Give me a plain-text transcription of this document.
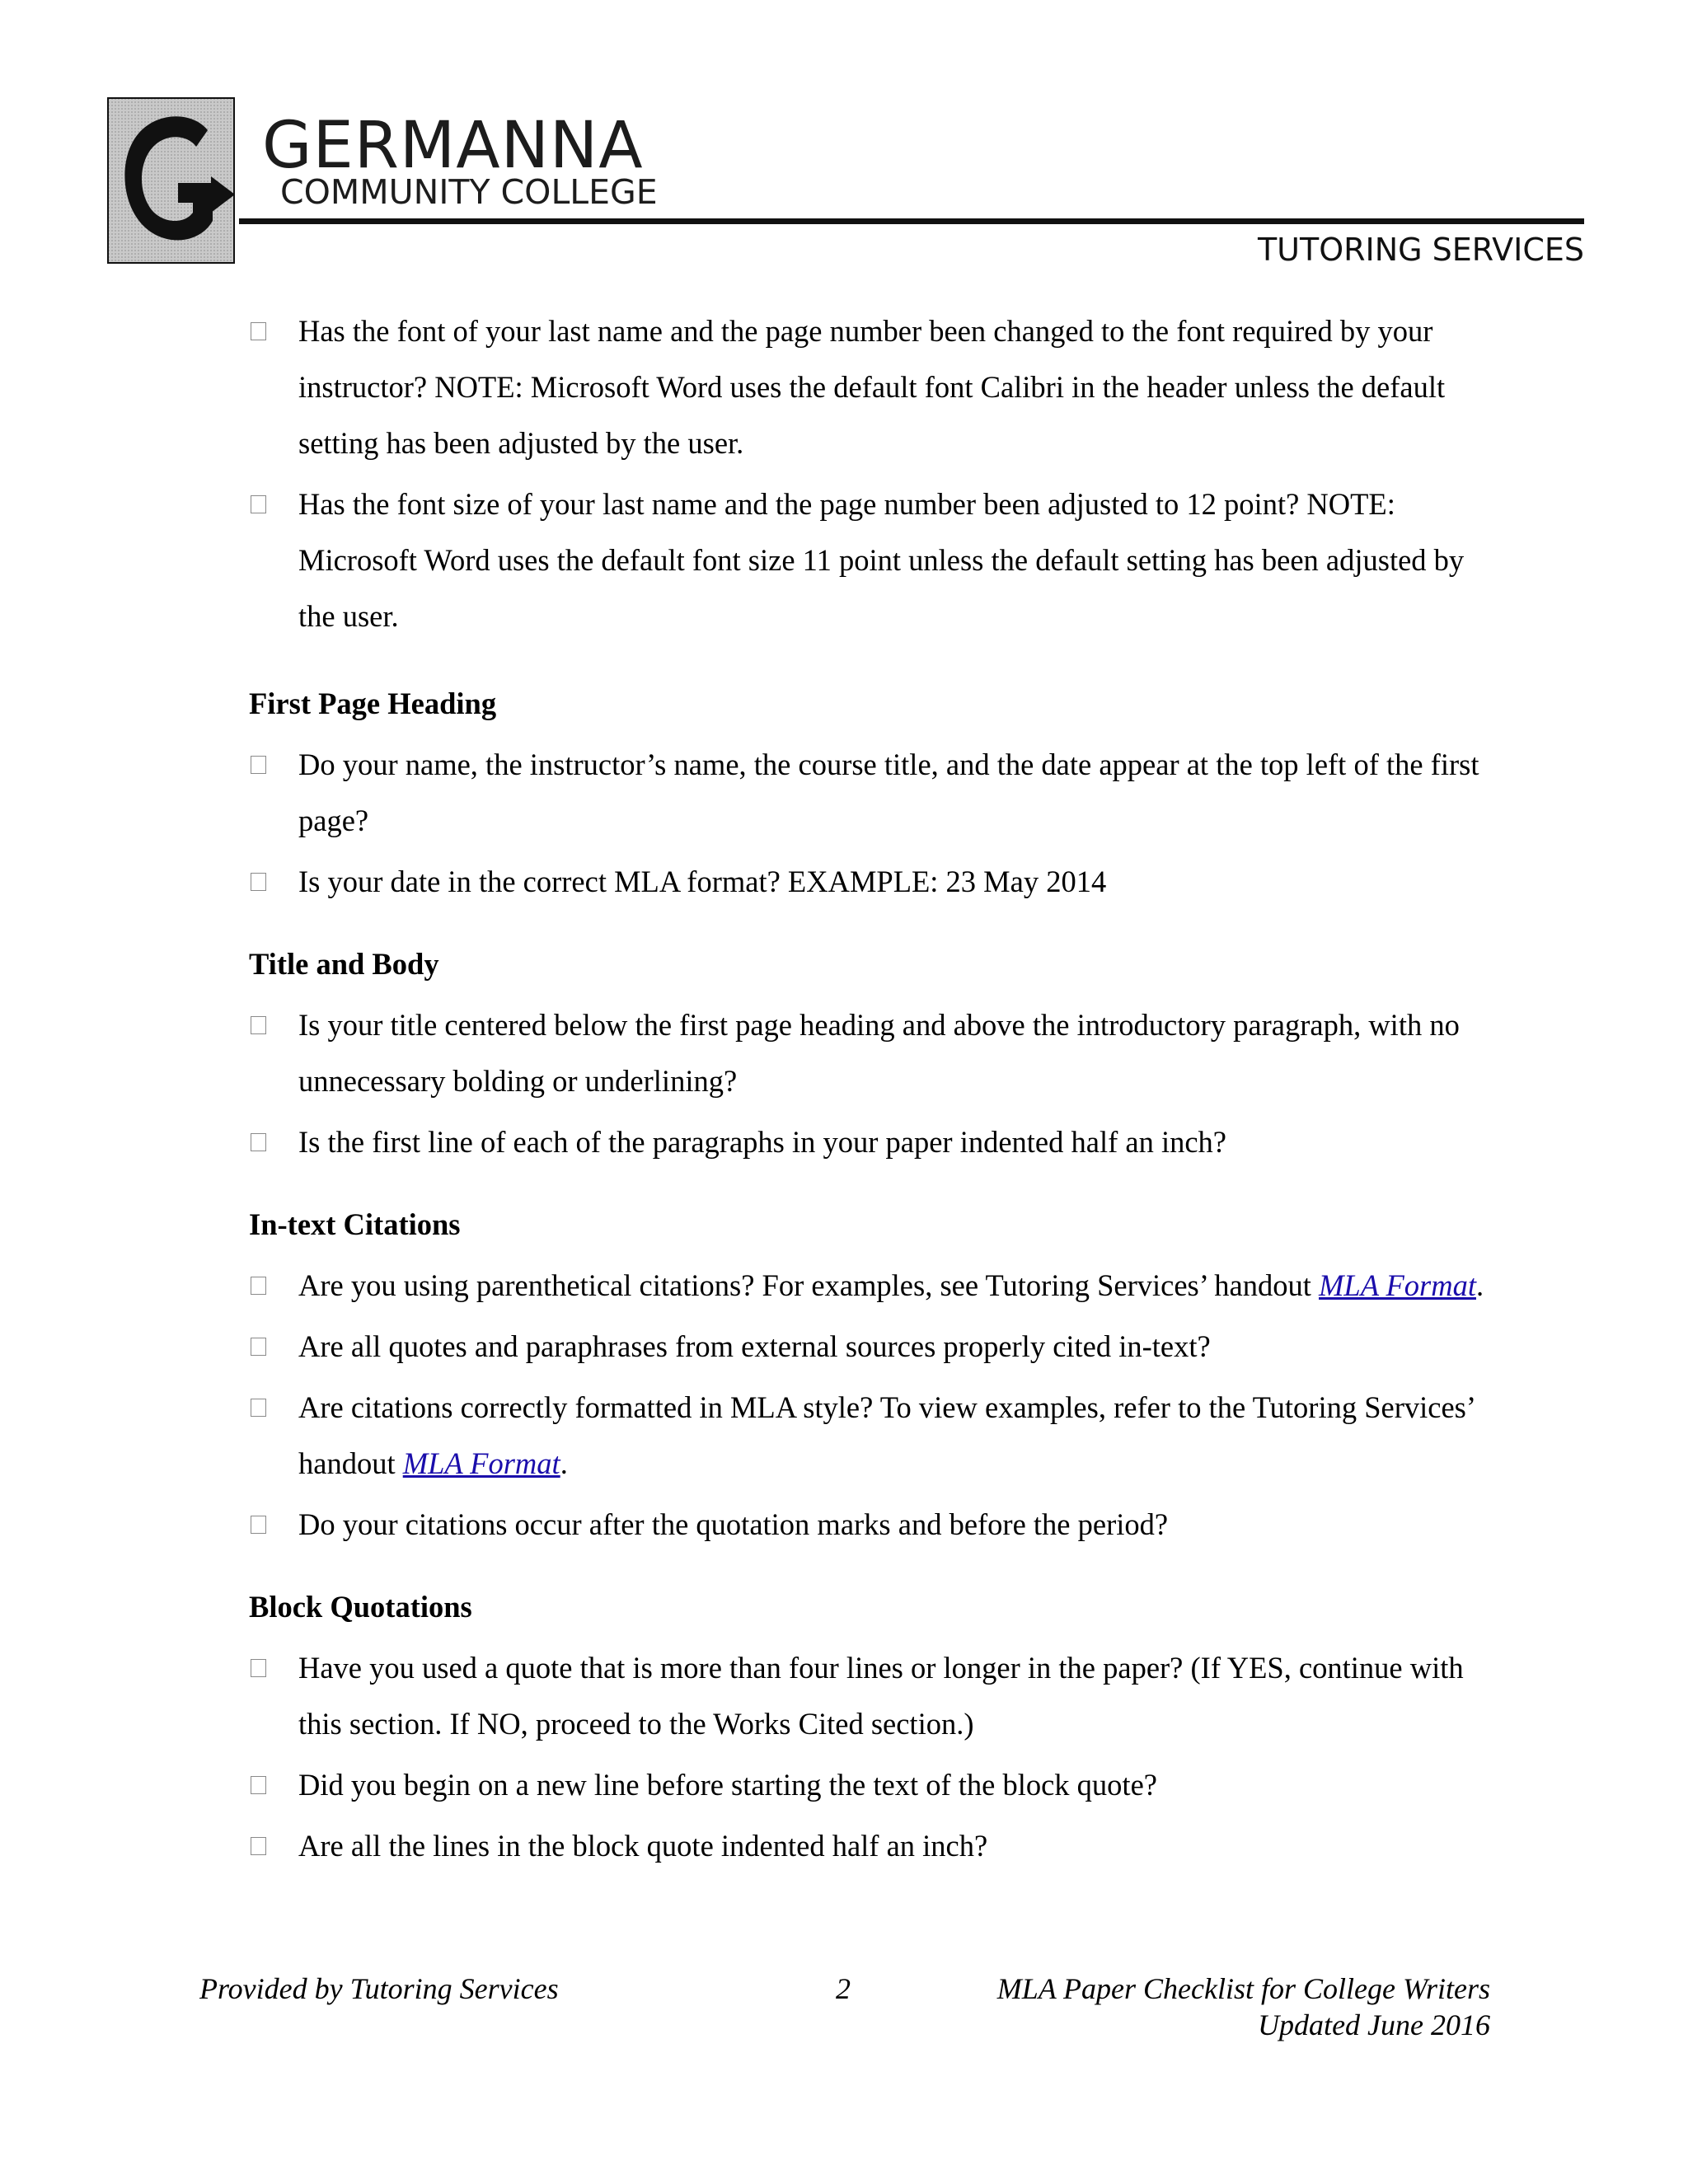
GERMANNA
COMMUNITY COLLEGE
TUTORING SERVICES
Has the font of your last name and the page number been changed to the font required by your instructor? NOTE: Microsoft Word uses the default font Calibri in the header unless the default setting has been adjusted by the user.
Has the font size of your last name and the page number been adjusted to 12 point? NOTE: Microsoft Word uses the default font size 11 point unless the default setting has been adjusted by the user.
First Page Heading
Do your name, the instructor’s name, the course title, and the date appear at the top left of the first page?
Is your date in the correct MLA format? EXAMPLE: 23 May 2014
Title and Body
Is your title centered below the first page heading and above the introductory paragraph, with no unnecessary bolding or underlining?
Is the first line of each of the paragraphs in your paper indented half an inch?
In-text Citations
Are you using parenthetical citations? For examples, see Tutoring Services’ handout MLA Format.
Are all quotes and paraphrases from external sources properly cited in-text?
Are citations correctly formatted in MLA style? To view examples, refer to the Tutoring Services’ handout MLA Format.
Do your citations occur after the quotation marks and before the period?
Block Quotations
Have you used a quote that is more than four lines or longer in the paper? (If YES, continue with this section. If NO, proceed to the Works Cited section.)
Did you begin on a new line before starting the text of the block quote?
Are all the lines in the block quote indented half an inch?
Provided by Tutoring Services	2	MLA Paper Checklist for College Writers
Updated June 2016
